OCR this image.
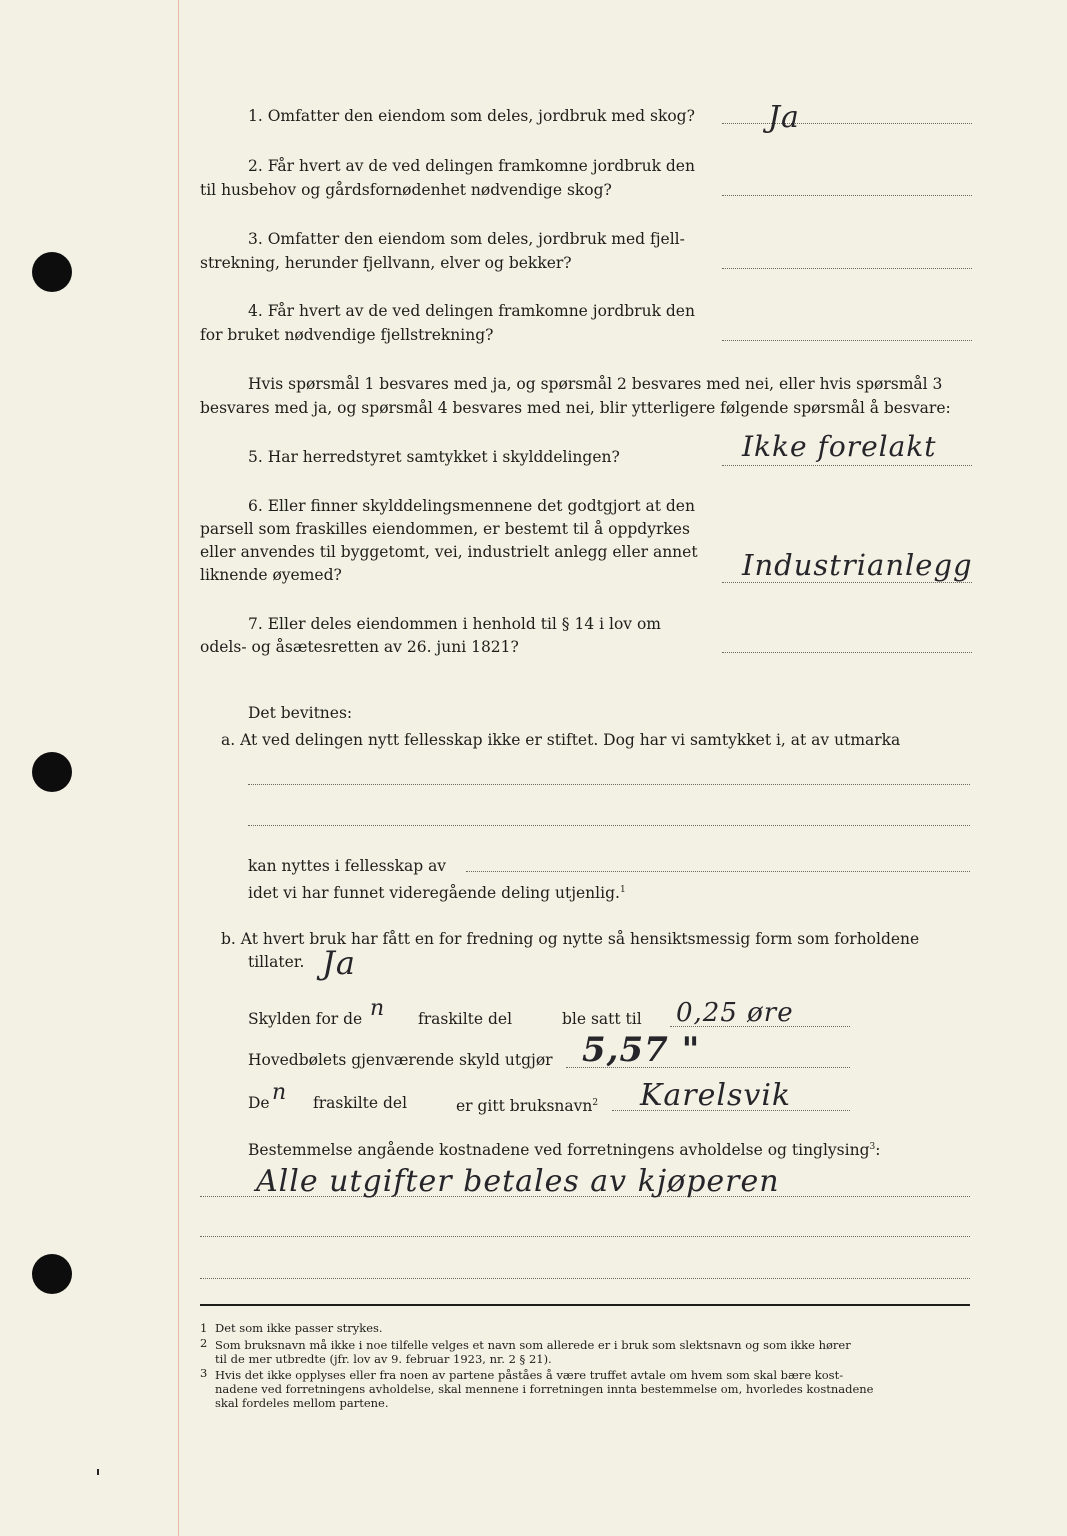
1. Omfatter den eiendom som deles, jordbruk med skog? Ja
2. Får hvert av de ved delingen framkomne jordbruk den
til husbehov og gårdsfornødenhet nødvendige skog?
3. Omfatter den eiendom som deles, jordbruk med fjell-
strekning, herunder fjellvann, elver og bekker?
4. Får hvert av de ved delingen framkomne jordbruk den
for bruket nødvendige fjellstrekning?
Hvis spørsmål 1 besvares med ja, og spørsmål 2 besvares med nei, eller hvis spørsmål 3
besvares med ja, og spørsmål 4 besvares med nei, blir ytterligere følgende spørsmål å besvare:
5. Har herredstyret samtykket i skylddelingen?	Ikke forelakt
6. Eller finner skylddelingsmennene det godtgjort at den
parsell som fraskilles eiendommen, er bestemt til å oppdyrkes
eller anvendes til byggetomt, vei, industrielt anlegg eller annet
liknende øyemed?	Industrianlegg
7. Eller deles eiendommen i henhold til § 14 i lov om
odels- og åsætesretten av 26. juni 1821?
Det bevitnes:
a. At ved delingen nytt fellesskap ikke er stiftet. Dog har vi samtykket i, at av utmarka
kan nyttes i fellesskap av
idet vi har funnet videregående deling utjenlig.$^1$
b. At hvert bruk har fått en for fredning og nytte så hensiktsmessig form som forholdene
tillater. Ja
Skylden for de n fraskilte del	ble satt til 0,25 øre
Hovedbølets gjenværende skyld utgjør 5,57 "
De n fraskilte del	er gitt bruksnavn$^2$ Karelsvik
Bestemmelse angående kostnadene ved forretningens avholdelse og tinglysing$^3$:
Alle utgifter betales av kjøperen
1 Det som ikke passer strykes.
2 Som bruksnavn må ikke i noe tilfelle velges et navn som allerede er i bruk som slektsnavn og som ikke hører
til de mer utbredte (jfr. lov av 9. februar 1923, nr. 2 § 21).
3 Hvis det ikke opplyses eller fra noen av partene påståes å være truffet avtale om hvem som skal bære kost-
nadene ved forretningens avholdelse, skal mennene i forretningen innta bestemmelse om, hvorledes kostnadene
skal fordeles mellom partene.
